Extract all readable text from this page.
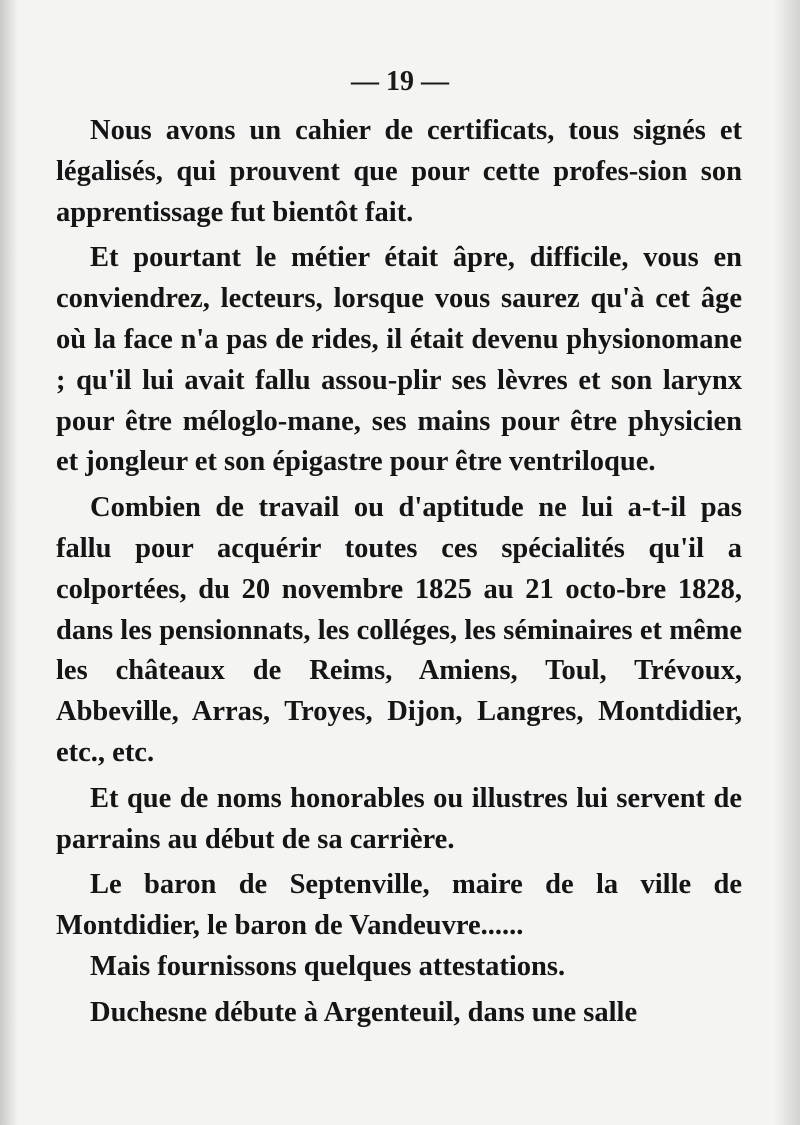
— 19 —

Nous avons un cahier de certificats, tous signés et légalisés, qui prouvent que pour cette profes-sion son apprentissage fut bientôt fait.

Et pourtant le métier était âpre, difficile, vous en conviendrez, lecteurs, lorsque vous saurez qu'à cet âge où la face n'a pas de rides, il était devenu physionomane ; qu'il lui avait fallu assou-plir ses lèvres et son larynx pour être méloglo-mane, ses mains pour être physicien et jongleur et son épigastre pour être ventriloque.

Combien de travail ou d'aptitude ne lui a-t-il pas fallu pour acquérir toutes ces spécialités qu'il a colportées, du 20 novembre 1825 au 21 octo-bre 1828, dans les pensionnats, les colléges, les séminaires et même les châteaux de Reims, Amiens, Toul, Trévoux, Abbeville, Arras, Troyes, Dijon, Langres, Montdidier, etc., etc.

Et que de noms honorables ou illustres lui servent de parrains au début de sa carrière.

Le baron de Septenville, maire de la ville de Montdidier, le baron de Vandeuvre......

Mais fournissons quelques attestations.

Duchesne débute à Argenteuil, dans une salle
